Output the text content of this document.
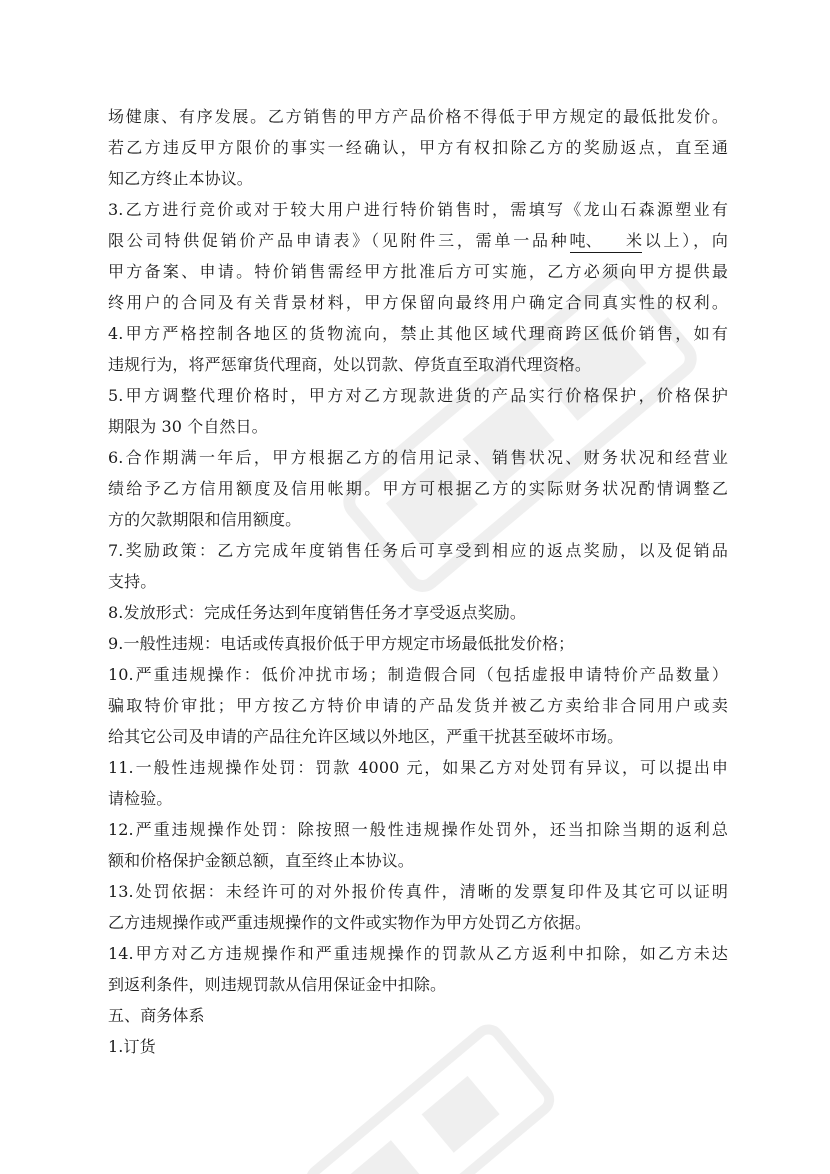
场健康、有序发展。乙方销售的甲方产品价格不得低于甲方规定的最低批发价。
若乙方违反甲方限价的事实一经确认，甲方有权扣除乙方的奖励返点，直至通
知乙方终止本协议。
3.乙方进行竞价或对于较大用户进行特价销售时，需填写《龙山石森源塑业有
限公司特供促销价产品申请表》（见附件三，需单一品种吨、　　米以上），向
甲方备案、申请。特价销售需经甲方批准后方可实施，乙方必须向甲方提供最
终用户的合同及有关背景材料，甲方保留向最终用户确定合同真实性的权利。
4.甲方严格控制各地区的货物流向，禁止其他区域代理商跨区低价销售，如有
违规行为，将严惩窜货代理商，处以罚款、停货直至取消代理资格。
5.甲方调整代理价格时，甲方对乙方现款进货的产品实行价格保护，价格保护
期限为 30 个自然日。
6.合作期满一年后，甲方根据乙方的信用记录、销售状况、财务状况和经营业
绩给予乙方信用额度及信用帐期。甲方可根据乙方的实际财务状况酌情调整乙
方的欠款期限和信用额度。
7.奖励政策：乙方完成年度销售任务后可享受到相应的返点奖励，以及促销品
支持。
8.发放形式：完成任务达到年度销售任务才享受返点奖励。
9.一般性违规：电话或传真报价低于甲方规定市场最低批发价格；
10.严重违规操作：低价冲扰市场；制造假合同（包括虚报申请特价产品数量）
骗取特价审批；甲方按乙方特价申请的产品发货并被乙方卖给非合同用户或卖
给其它公司及申请的产品往允许区域以外地区，严重干扰甚至破坏市场。
11.一般性违规操作处罚：罚款 4000 元，如果乙方对处罚有异议，可以提出申
请检验。
12.严重违规操作处罚：除按照一般性违规操作处罚外，还当扣除当期的返利总
额和价格保护金额总额，直至终止本协议。
13.处罚依据：未经许可的对外报价传真件，清晰的发票复印件及其它可以证明
乙方违规操作或严重违规操作的文件或实物作为甲方处罚乙方依据。
14.甲方对乙方违规操作和严重违规操作的罚款从乙方返利中扣除，如乙方未达
到返利条件，则违规罚款从信用保证金中扣除。
五、商务体系
1.订货
